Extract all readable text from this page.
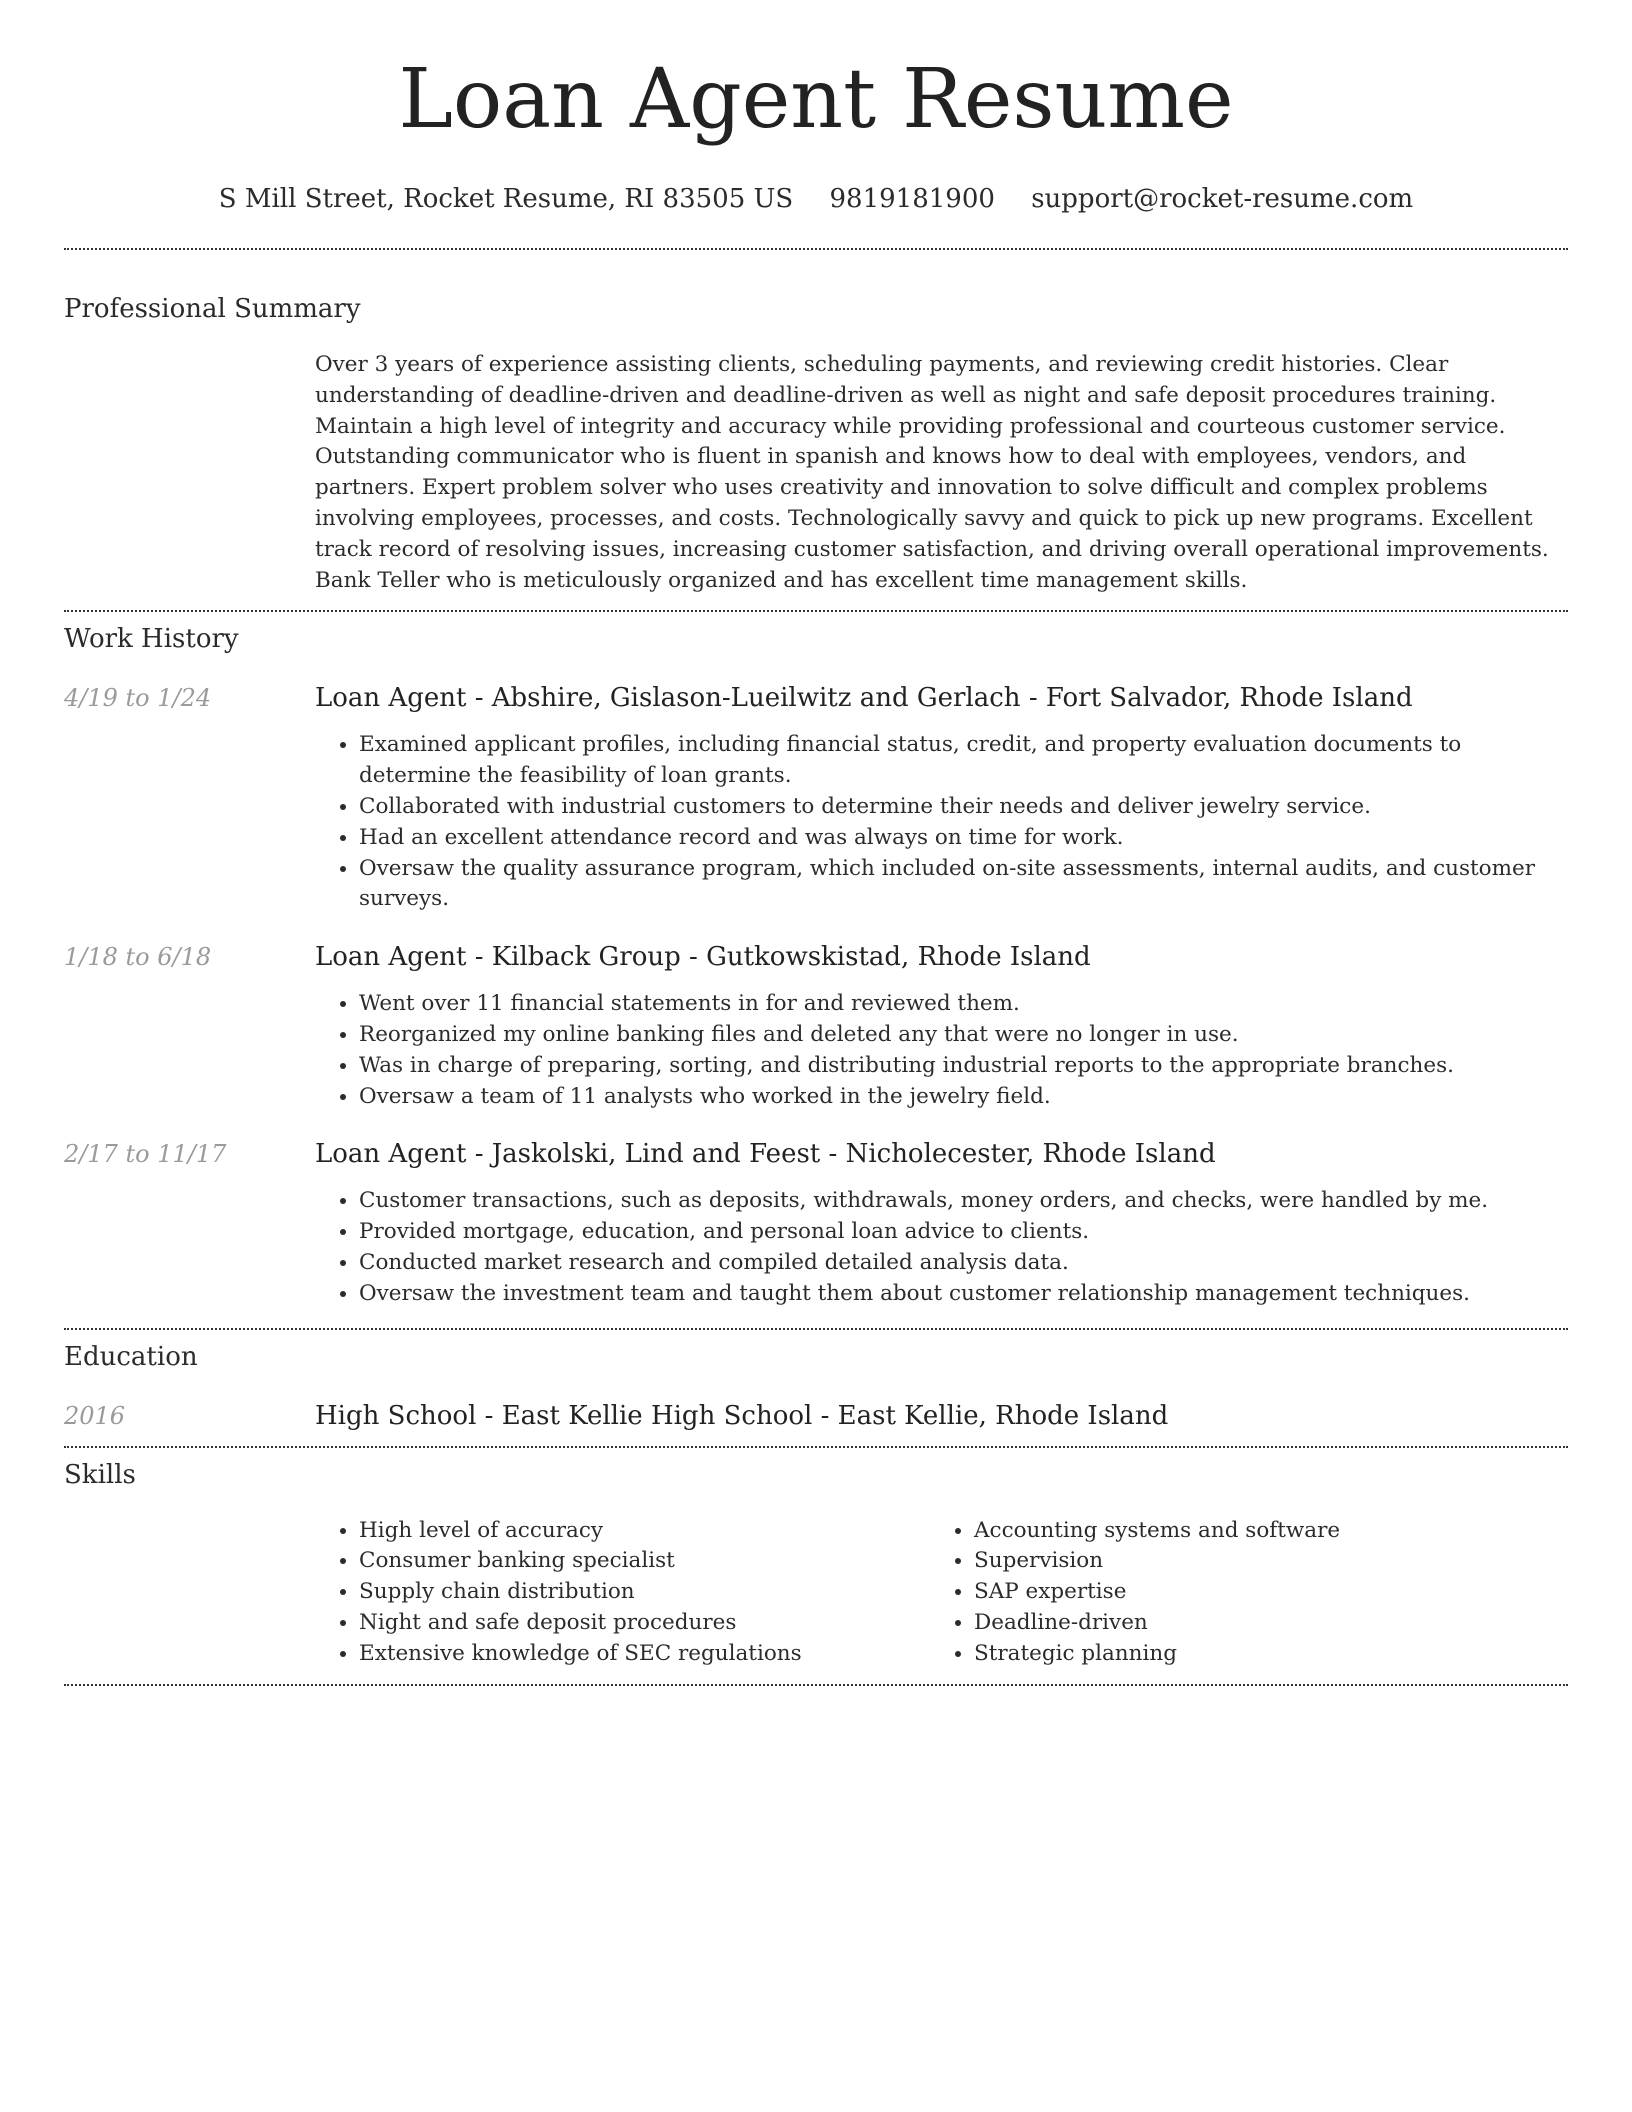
Loan Agent Resume
S Mill Street, Rocket Resume, RI 83505 US 9819181900 support@rocket-resume.com
Professional Summary
Over 3 years of experience assisting clients, scheduling payments, and reviewing credit histories. Clear understanding of deadline-driven and deadline-driven as well as night and safe deposit procedures training. Maintain a high level of integrity and accuracy while providing professional and courteous customer service. Outstanding communicator who is fluent in spanish and knows how to deal with employees, vendors, and partners. Expert problem solver who uses creativity and innovation to solve difficult and complex problems involving employees, processes, and costs. Technologically savvy and quick to pick up new programs. Excellent track record of resolving issues, increasing customer satisfaction, and driving overall operational improvements. Bank Teller who is meticulously organized and has excellent time management skills.
Work History
4/19 to 1/24	Loan Agent - Abshire, Gislason-Lueilwitz and Gerlach - Fort Salvador, Rhode Island
• Examined applicant profiles, including financial status, credit, and property evaluation documents to determine the feasibility of loan grants.
• Collaborated with industrial customers to determine their needs and deliver jewelry service.
• Had an excellent attendance record and was always on time for work.
• Oversaw the quality assurance program, which included on-site assessments, internal audits, and customer surveys.
1/18 to 6/18	Loan Agent - Kilback Group - Gutkowskistad, Rhode Island
• Went over 11 financial statements in for and reviewed them.
• Reorganized my online banking files and deleted any that were no longer in use.
• Was in charge of preparing, sorting, and distributing industrial reports to the appropriate branches.
• Oversaw a team of 11 analysts who worked in the jewelry field.
2/17 to 11/17	Loan Agent - Jaskolski, Lind and Feest - Nicholecester, Rhode Island
• Customer transactions, such as deposits, withdrawals, money orders, and checks, were handled by me.
• Provided mortgage, education, and personal loan advice to clients.
• Conducted market research and compiled detailed analysis data.
• Oversaw the investment team and taught them about customer relationship management techniques.
Education
2016	High School - East Kellie High School - East Kellie, Rhode Island
Skills
• High level of accuracy
• Consumer banking specialist
• Supply chain distribution
• Night and safe deposit procedures
• Extensive knowledge of SEC regulations
• Accounting systems and software
• Supervision
• SAP expertise
• Deadline-driven
• Strategic planning
